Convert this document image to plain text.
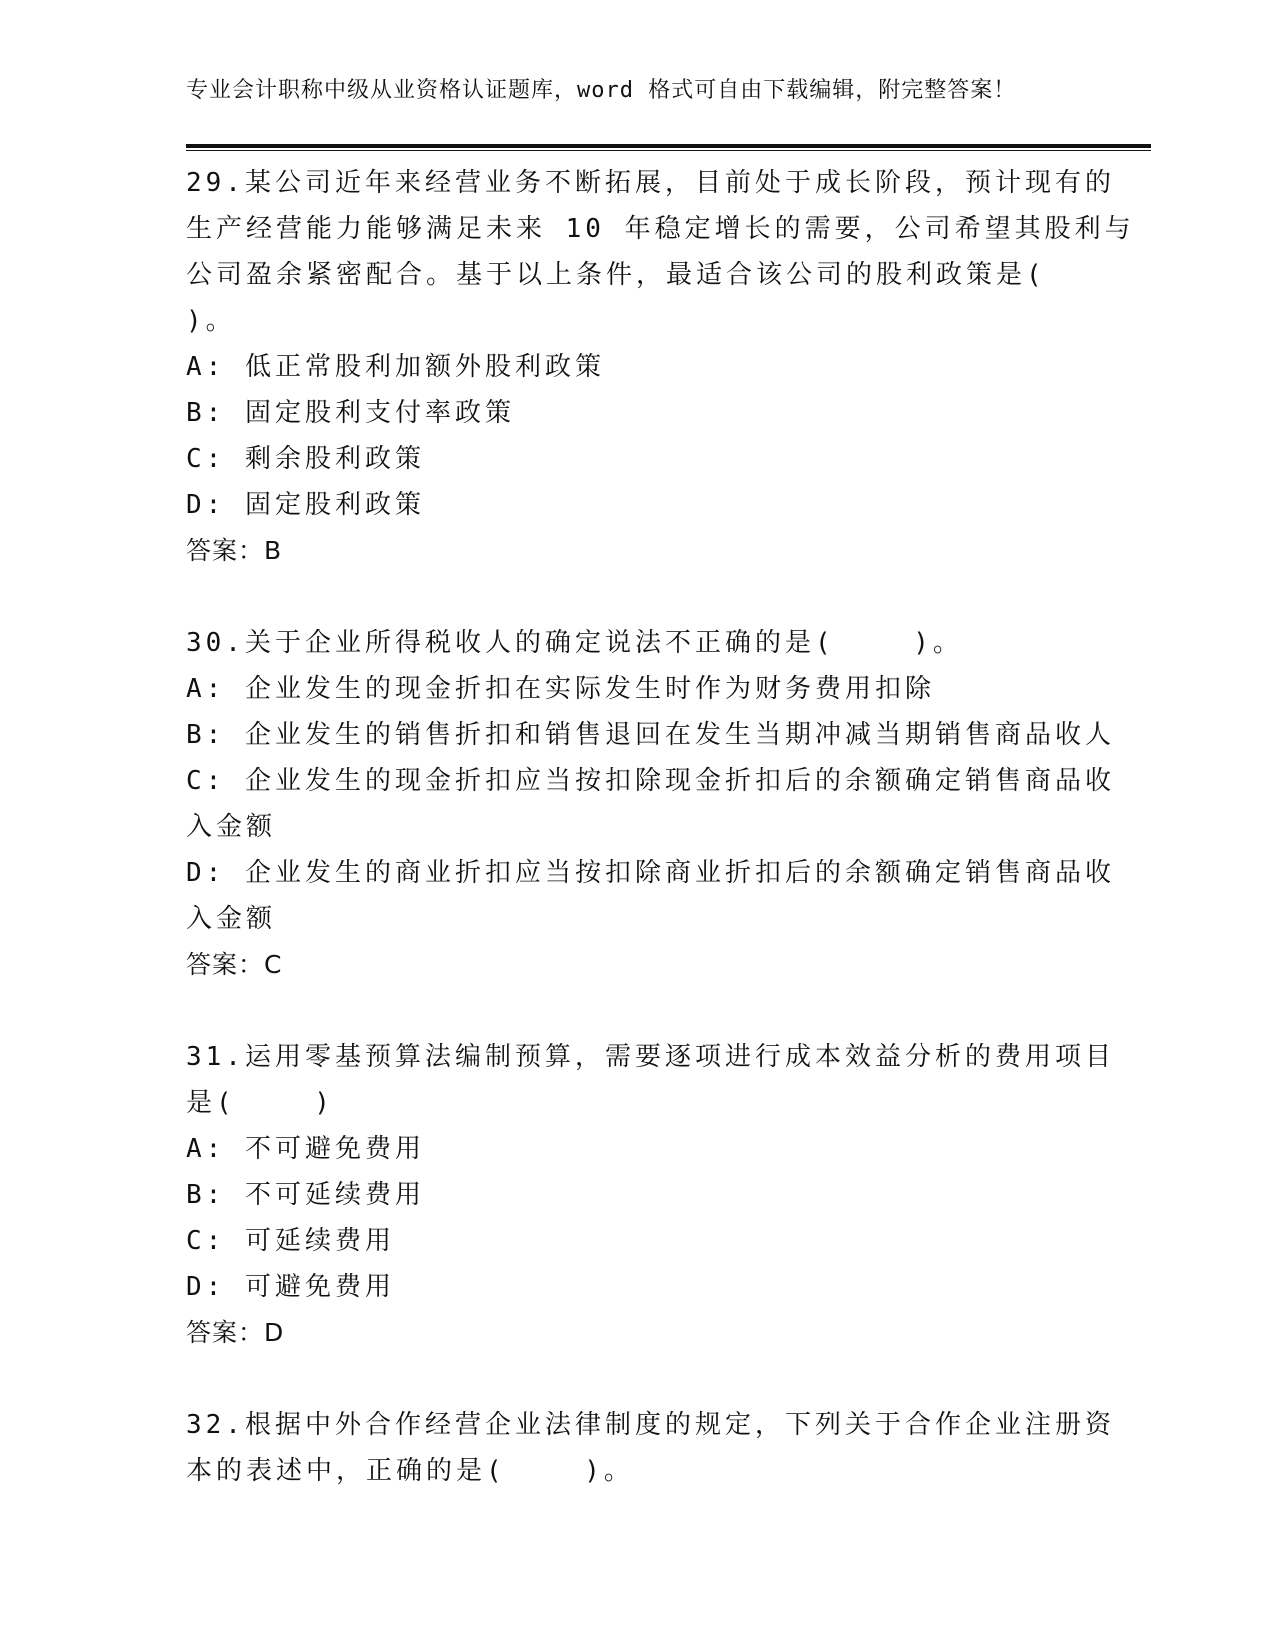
专业会计职称中级从业资格认证题库，word 格式可自由下载编辑，附完整答案！

29.某公司近年来经营业务不断拓展，目前处于成长阶段，预计现有的

生产经营能力能够满足未来 10 年稳定增长的需要，公司希望其股利与

公司盈余紧密配合。基于以上条件，最适合该公司的股利政策是(

)。

A: 低正常股利加额外股利政策

B: 固定股利支付率政策

C: 剩余股利政策

D: 固定股利政策

答案：B

30.关于企业所得税收人的确定说法不正确的是(    )。

A: 企业发生的现金折扣在实际发生时作为财务费用扣除

B: 企业发生的销售折扣和销售退回在发生当期冲减当期销售商品收人

C: 企业发生的现金折扣应当按扣除现金折扣后的余额确定销售商品收
入金额

D: 企业发生的商业折扣应当按扣除商业折扣后的余额确定销售商品收
入金额

答案：C

31.运用零基预算法编制预算，需要逐项进行成本效益分析的费用项目

是(    )

A: 不可避免费用

B: 不可延续费用

C: 可延续费用

D: 可避免费用

答案：D

32.根据中外合作经营企业法律制度的规定，下列关于合作企业注册资

本的表述中，正确的是(    )。
